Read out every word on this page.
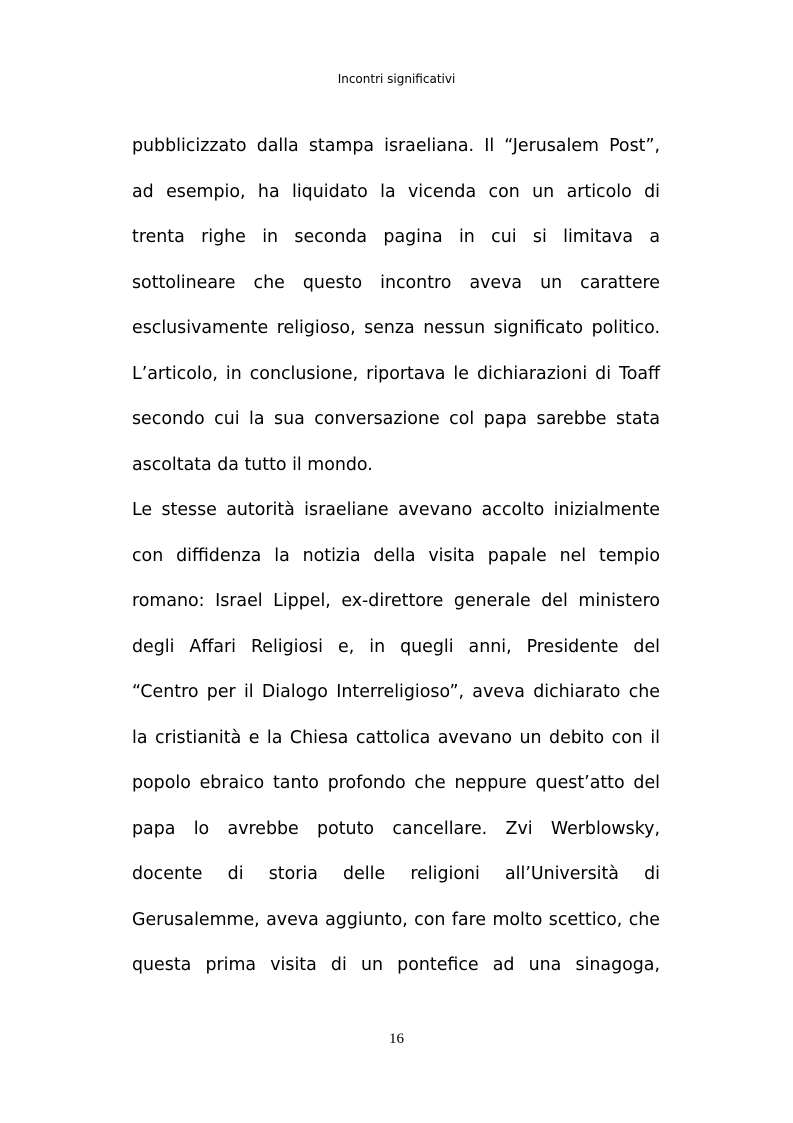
Incontri significativi
pubblicizzato dalla stampa israeliana. Il “Jerusalem Post”,
ad esempio, ha liquidato la vicenda con un articolo di
trenta righe in seconda pagina in cui si limitava a
sottolineare che questo incontro aveva un carattere
esclusivamente religioso, senza nessun significato politico.
L’articolo, in conclusione, riportava le dichiarazioni di Toaff
secondo cui la sua conversazione col papa sarebbe stata
ascoltata da tutto il mondo.
Le stesse autorità israeliane avevano accolto inizialmente
con diffidenza la notizia della visita papale nel tempio
romano: Israel Lippel, ex-direttore generale del ministero
degli Affari Religiosi e, in quegli anni, Presidente del
“Centro per il Dialogo Interreligioso”, aveva dichiarato che
la cristianità e la Chiesa cattolica avevano un debito con il
popolo ebraico tanto profondo che neppure quest’atto del
papa lo avrebbe potuto cancellare. Zvi Werblowsky,
docente di storia delle religioni all’Università di
Gerusalemme, aveva aggiunto, con fare molto scettico, che
questa prima visita di un pontefice ad una sinagoga,
16
